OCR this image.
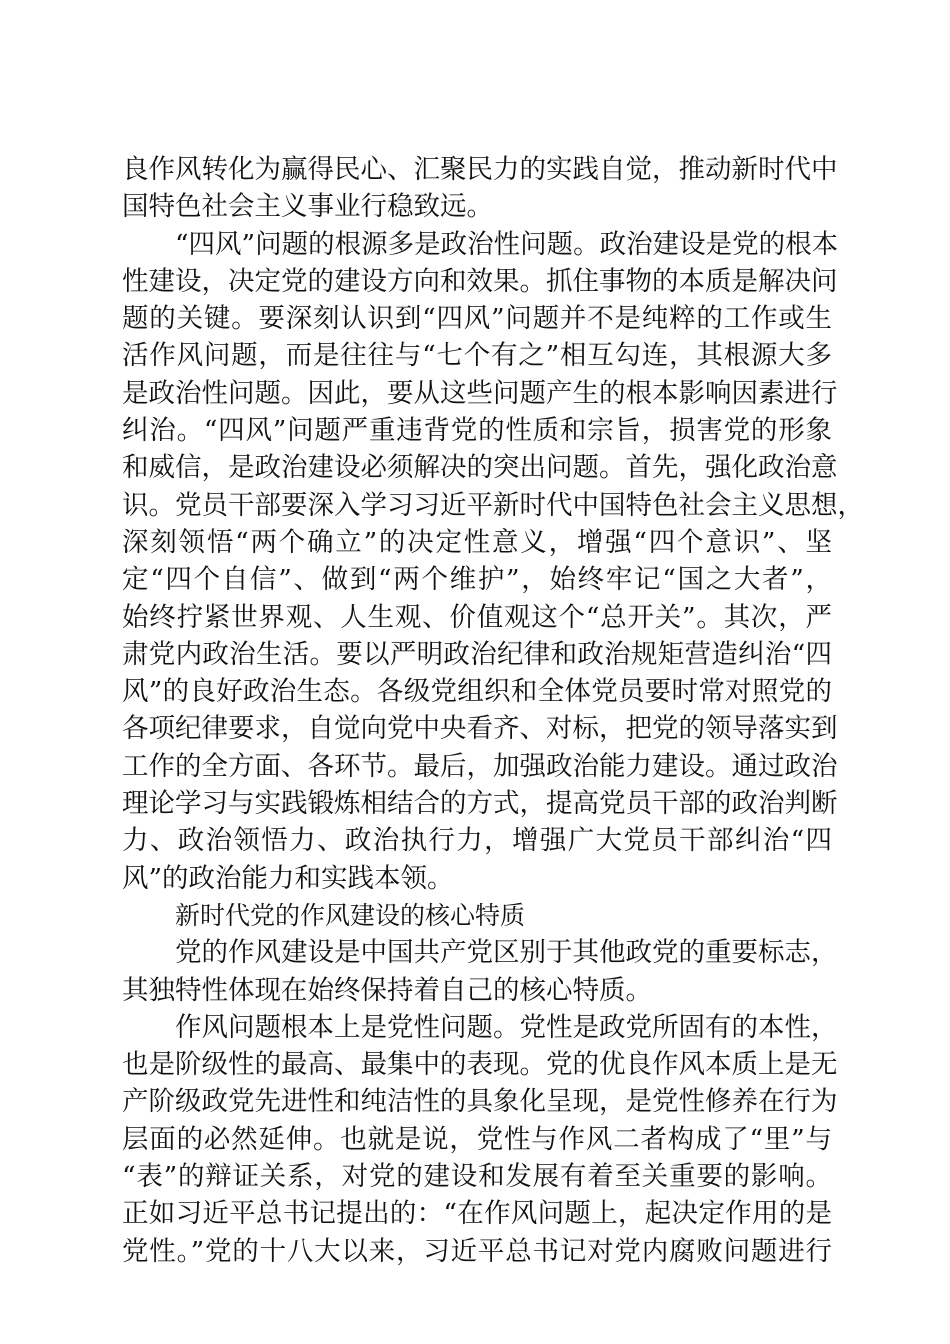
良作风转化为赢得民心、汇聚民力的实践自觉，推动新时代中
国特色社会主义事业行稳致远。
“四风”问题的根源多是政治性问题。政治建设是党的根本
性建设，决定党的建设方向和效果。抓住事物的本质是解决问
题的关键。要深刻认识到“四风”问题并不是纯粹的工作或生
活作风问题，而是往往与“七个有之”相互勾连，其根源大多
是政治性问题。因此，要从这些问题产生的根本影响因素进行
纠治。“四风”问题严重违背党的性质和宗旨，损害党的形象
和威信，是政治建设必须解决的突出问题。首先，强化政治意
识。党员干部要深入学习习近平新时代中国特色社会主义思想，
深刻领悟“两个确立”的决定性意义，增强“四个意识”、坚
定“四个自信”、做到“两个维护”，始终牢记“国之大者”，
始终拧紧世界观、人生观、价值观这个“总开关”。其次，严
肃党内政治生活。要以严明政治纪律和政治规矩营造纠治“四
风”的良好政治生态。各级党组织和全体党员要时常对照党的
各项纪律要求，自觉向党中央看齐、对标，把党的领导落实到
工作的全方面、各环节。最后，加强政治能力建设。通过政治
理论学习与实践锻炼相结合的方式，提高党员干部的政治判断
力、政治领悟力、政治执行力，增强广大党员干部纠治“四
风”的政治能力和实践本领。
新时代党的作风建设的核心特质
党的作风建设是中国共产党区别于其他政党的重要标志，
其独特性体现在始终保持着自己的核心特质。
作风问题根本上是党性问题。党性是政党所固有的本性，
也是阶级性的最高、最集中的表现。党的优良作风本质上是无
产阶级政党先进性和纯洁性的具象化呈现，是党性修养在行为
层面的必然延伸。也就是说，党性与作风二者构成了“里”与
“表”的辩证关系，对党的建设和发展有着至关重要的影响。
正如习近平总书记提出的：“在作风问题上，起决定作用的是
党性。”党的十八大以来，习近平总书记对党内腐败问题进行
